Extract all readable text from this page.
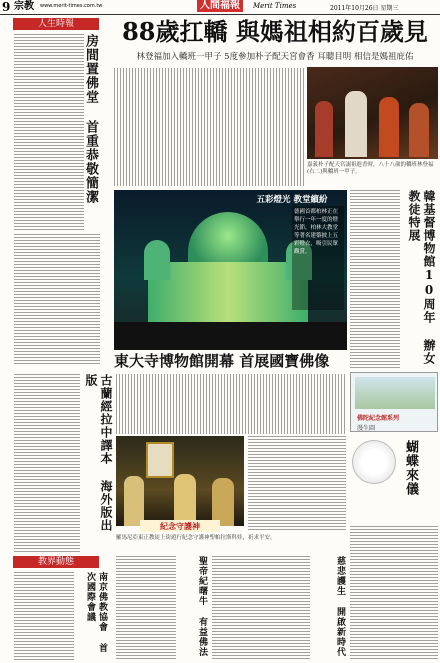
9 宗教 www.merit-times.com.tw	人間福報	Merit Times	2011年10月26日 星期三
人生時報
房間置佛堂 首重恭敬簡潔
88歲扛轎 與媽祖相約百歲見
林登福加入轎班一甲子 5度參加朴子配天宮會香 耳聰目明 相信是媽祖庇佑
嘉義朴子配天宮謁祖進香時，八十八歲的轎班林登福(右二)與轎班一甲子。
五彩燈光 教堂繽紛
德國首都柏林正在舉行一年一度的燈光節，柏林大教堂等著名建築披上五彩燈衣，吸引民眾觀賞。
東大寺博物館開幕 首展國寶佛像	韓基督博物館10周年 辦女教徒特展
古蘭經拉中譯本 海外版出版
紀念守護神
羅馬尼亞東正教徒上街遊行紀念守護神聖帕拉斯科娃，祈求平安。
佛陀紀念館系列
漫生圓
蝴蝶來儀
教界動態
南京佛教協會 首次國際會議	聖帝紀曙牛 有益佛法	慈悲護生 開啟新時代
